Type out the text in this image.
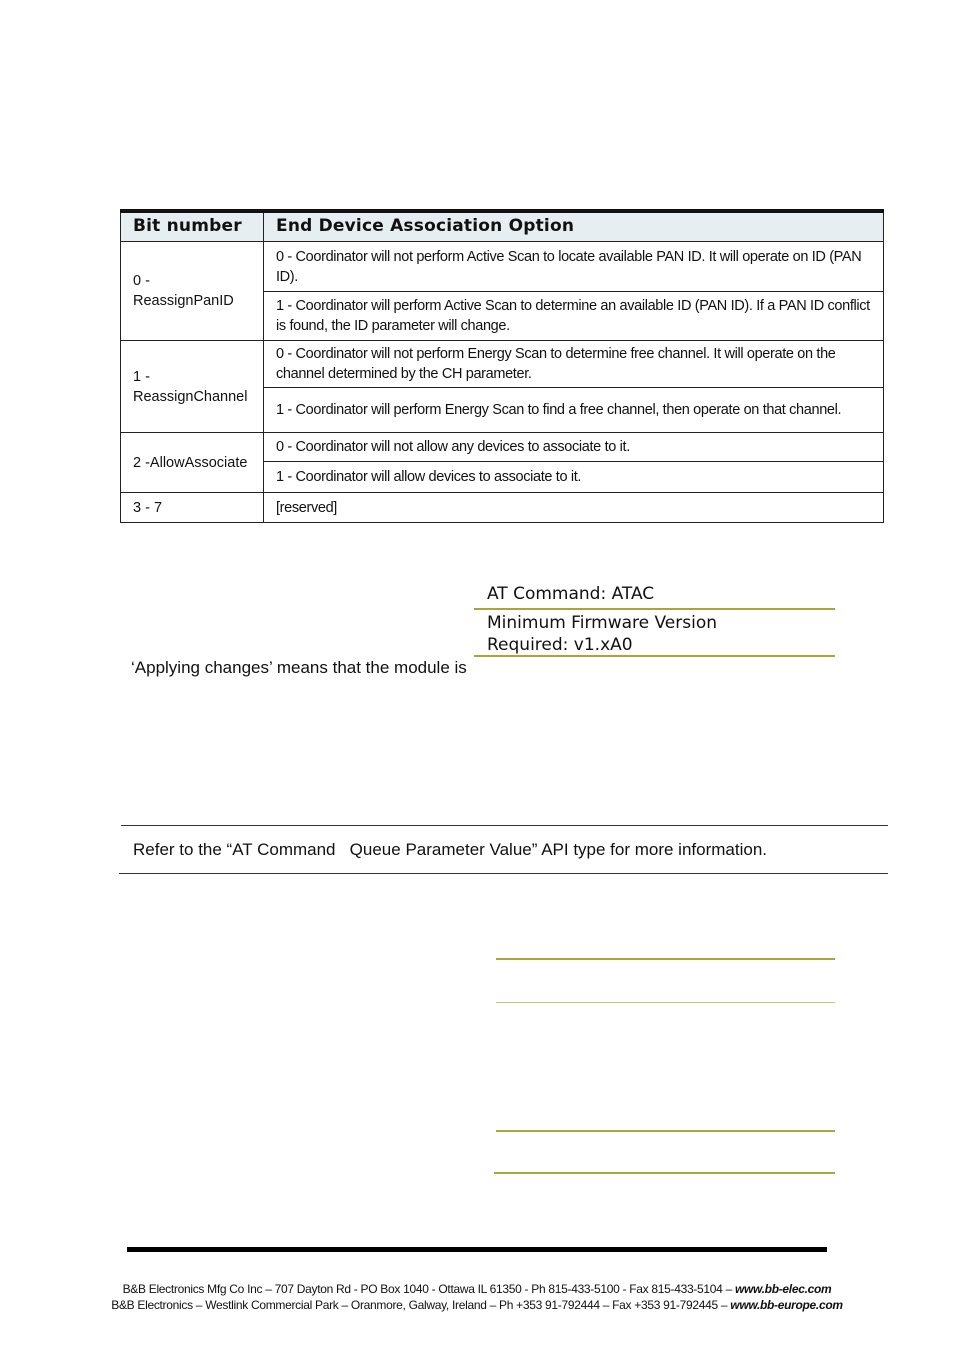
Bit number	End Device Association Option
0 - ReassignPanID	0 - Coordinator will not perform Active Scan to locate available PAN ID. It will operate on ID (PAN ID).
	1 - Coordinator will perform Active Scan to determine an available ID (PAN ID). If a PAN ID conflict is found, the ID parameter will change.
1 - ReassignChannel	0 - Coordinator will not perform Energy Scan to determine free channel. It will operate on the channel determined by the CH parameter.
	1 - Coordinator will perform Energy Scan to find a free channel, then operate on that channel.
2 -AllowAssociate	0 - Coordinator will not allow any devices to associate to it.
	1 - Coordinator will allow devices to associate to it.
3 - 7	[reserved]
AT Command: ATAC
Minimum Firmware Version
Required: v1.xA0
‘Applying changes’ means that the module is
Refer to the “AT Command   Queue Parameter Value” API type for more information.
B&B Electronics Mfg Co Inc – 707 Dayton Rd - PO Box 1040 - Ottawa IL 61350 - Ph 815-433-5100 - Fax 815-433-5104 – www.bb-elec.com
B&B Electronics – Westlink Commercial Park – Oranmore, Galway, Ireland – Ph +353 91-792444 – Fax +353 91-792445 – www.bb-europe.com
